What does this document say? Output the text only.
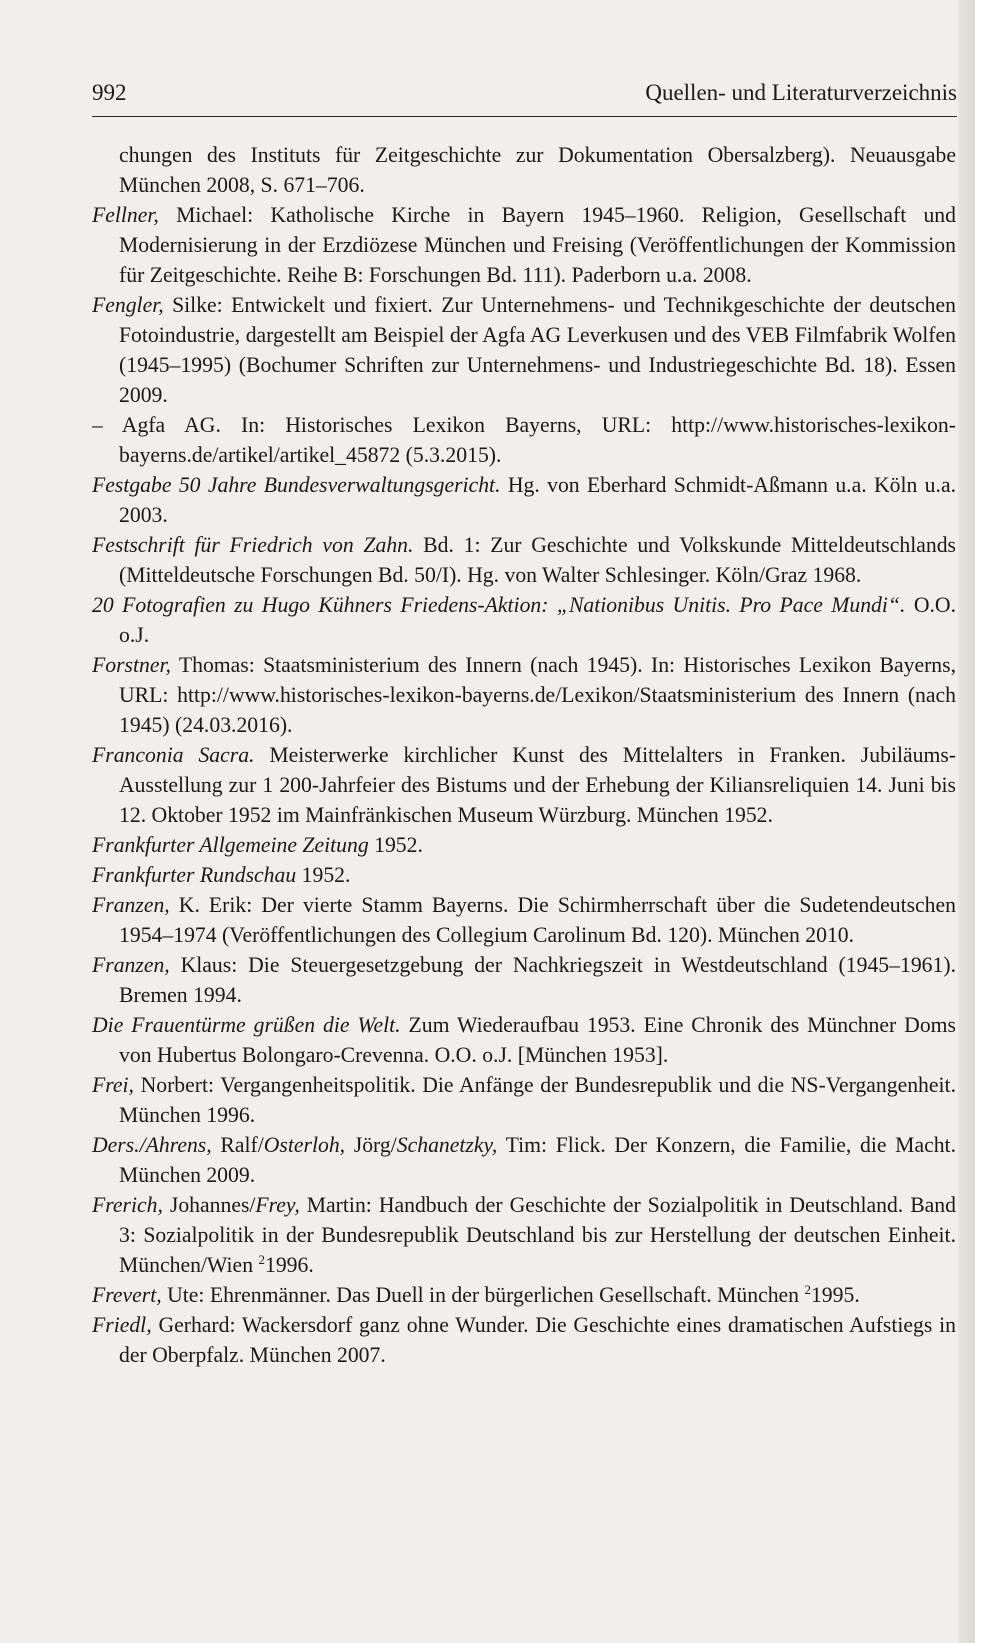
992	Quellen- und Literaturverzeichnis

chungen des Instituts für Zeitgeschichte zur Dokumentation Obersalzberg). Neuausgabe München 2008, S. 671–706.

Fellner, Michael: Katholische Kirche in Bayern 1945–1960. Religion, Gesellschaft und Modernisierung in der Erzdiözese München und Freising (Veröffentlichungen der Kommission für Zeitgeschichte. Reihe B: Forschungen Bd. 111). Paderborn u.a. 2008.

Fengler, Silke: Entwickelt und fixiert. Zur Unternehmens- und Technikgeschichte der deutschen Fotoindustrie, dargestellt am Beispiel der Agfa AG Leverkusen und des VEB Filmfabrik Wolfen (1945–1995) (Bochumer Schriften zur Unternehmens- und Industriegeschichte Bd. 18). Essen 2009.

– Agfa AG. In: Historisches Lexikon Bayerns, URL: http://www.historisches-lexikon-bayerns.de/artikel/artikel_45872 (5.3.2015).

Festgabe 50 Jahre Bundesverwaltungsgericht. Hg. von Eberhard Schmidt-Aßmann u.a. Köln u.a. 2003.

Festschrift für Friedrich von Zahn. Bd. 1: Zur Geschichte und Volkskunde Mitteldeutschlands (Mitteldeutsche Forschungen Bd. 50/I). Hg. von Walter Schlesinger. Köln/Graz 1968.

20 Fotografien zu Hugo Kühners Friedens-Aktion: „Nationibus Unitis. Pro Pace Mundi“. O.O. o.J.

Forstner, Thomas: Staatsministerium des Innern (nach 1945). In: Historisches Lexikon Bayerns, URL: http://www.historisches-lexikon-bayerns.de/Lexikon/Staatsministerium des Innern (nach 1945) (24.03.2016).

Franconia Sacra. Meisterwerke kirchlicher Kunst des Mittelalters in Franken. Jubiläums-Ausstellung zur 1 200-Jahrfeier des Bistums und der Erhebung der Kiliansreliquien 14. Juni bis 12. Oktober 1952 im Mainfränkischen Museum Würzburg. München 1952.

Frankfurter Allgemeine Zeitung 1952.

Frankfurter Rundschau 1952.

Franzen, K. Erik: Der vierte Stamm Bayerns. Die Schirmherrschaft über die Sudetendeutschen 1954–1974 (Veröffentlichungen des Collegium Carolinum Bd. 120). München 2010.

Franzen, Klaus: Die Steuergesetzgebung der Nachkriegszeit in Westdeutschland (1945–1961). Bremen 1994.

Die Frauentürme grüßen die Welt. Zum Wiederaufbau 1953. Eine Chronik des Münchner Doms von Hubertus Bolongaro-Crevenna. O.O. o.J. [München 1953].

Frei, Norbert: Vergangenheitspolitik. Die Anfänge der Bundesrepublik und die NS-Vergangenheit. München 1996.

Ders./Ahrens, Ralf/Osterloh, Jörg/Schanetzky, Tim: Flick. Der Konzern, die Familie, die Macht. München 2009.

Frerich, Johannes/Frey, Martin: Handbuch der Geschichte der Sozialpolitik in Deutschland. Band 3: Sozialpolitik in der Bundesrepublik Deutschland bis zur Herstellung der deutschen Einheit. München/Wien $^2$1996.

Frevert, Ute: Ehrenmänner. Das Duell in der bürgerlichen Gesellschaft. München $^2$1995.

Friedl, Gerhard: Wackersdorf ganz ohne Wunder. Die Geschichte eines dramatischen Aufstiegs in der Oberpfalz. München 2007.
